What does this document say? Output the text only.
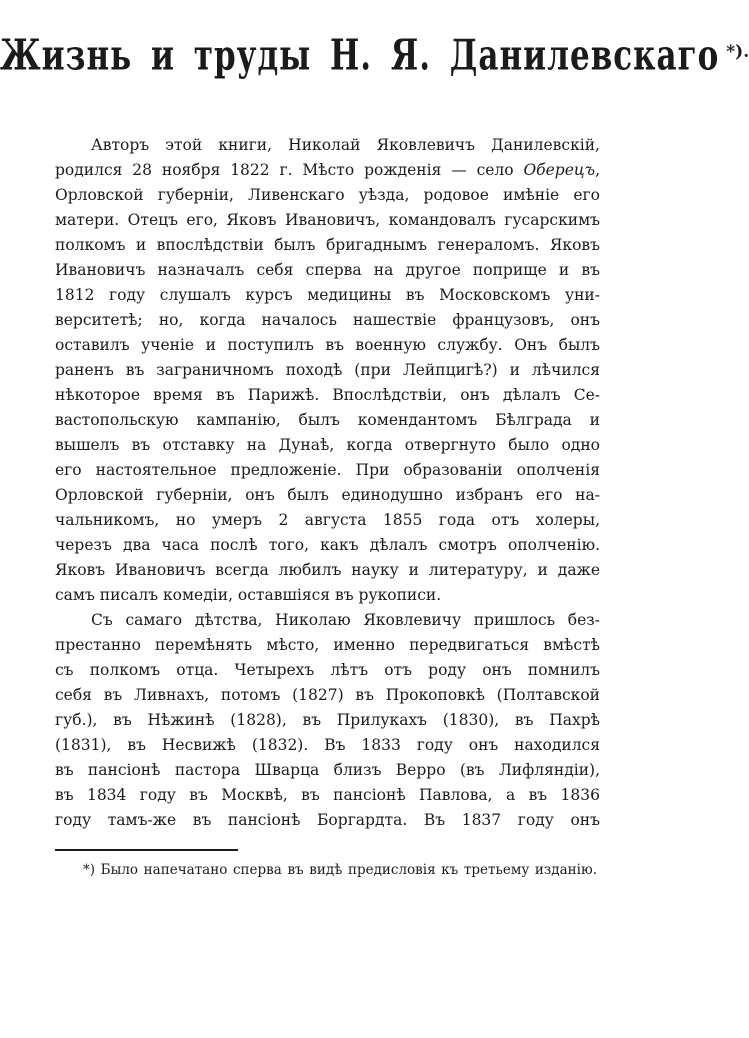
Жизнь и труды Н. Я. Данилевскаго *).
Авторъ этой книги, Николай Яковлевичъ Данилевскій,
родился 28 ноября 1822 г. Мѣсто рожденія — село Оберецъ,
Орловской губерніи, Ливенскаго уѣзда, родовое имѣніе его
матери. Отецъ его, Яковъ Ивановичъ, командовалъ гусарскимъ
полкомъ и впослѣдствіи былъ бригаднымъ генераломъ. Яковъ
Ивановичъ назначалъ себя сперва на другое поприще и въ
1812 году слушалъ курсъ медицины въ Московскомъ уни-
верситетѣ; но, когда началось нашествіе французовъ, онъ
оставилъ ученіе и поступилъ въ военную службу. Онъ былъ
раненъ въ заграничномъ походѣ (при Лейпцигѣ?) и лѣчился
нѣкоторое время въ Парижѣ. Впослѣдствіи, онъ дѣлалъ Се-
вастопольскую кампанію, былъ комендантомъ Бѣлграда и
вышелъ въ отставку на Дунаѣ, когда отвергнуто было одно
его настоятельное предложеніе. При образованіи ополченія
Орловской губерніи, онъ былъ единодушно избранъ его на-
чальникомъ, но умеръ 2 августа 1855 года отъ холеры,
черезъ два часа послѣ того, какъ дѣлалъ смотръ ополченію.
Яковъ Ивановичъ всегда любилъ науку и литературу, и даже
самъ писалъ комедіи, оставшіяся въ рукописи.
Съ самаго дѣтства, Николаю Яковлевичу пришлось без-
престанно перемѣнять мѣсто, именно передвигаться вмѣстѣ
съ полкомъ отца. Четырехъ лѣтъ отъ роду онъ помнилъ
себя въ Ливнахъ, потомъ (1827) въ Прокоповкѣ (Полтавской
губ.), въ Нѣжинѣ (1828), въ Прилукахъ (1830), въ Пахрѣ
(1831), въ Несвижѣ (1832). Въ 1833 году онъ находился
въ пансіонѣ пастора Шварца близъ Верро (въ Лифляндіи),
въ 1834 году въ Москвѣ, въ пансіонѣ Павлова, а въ 1836
году тамъ-же въ пансіонѣ Боргардта. Въ 1837 году онъ
*) Было напечатано сперва въ видѣ предисловія къ третьему изданію.
